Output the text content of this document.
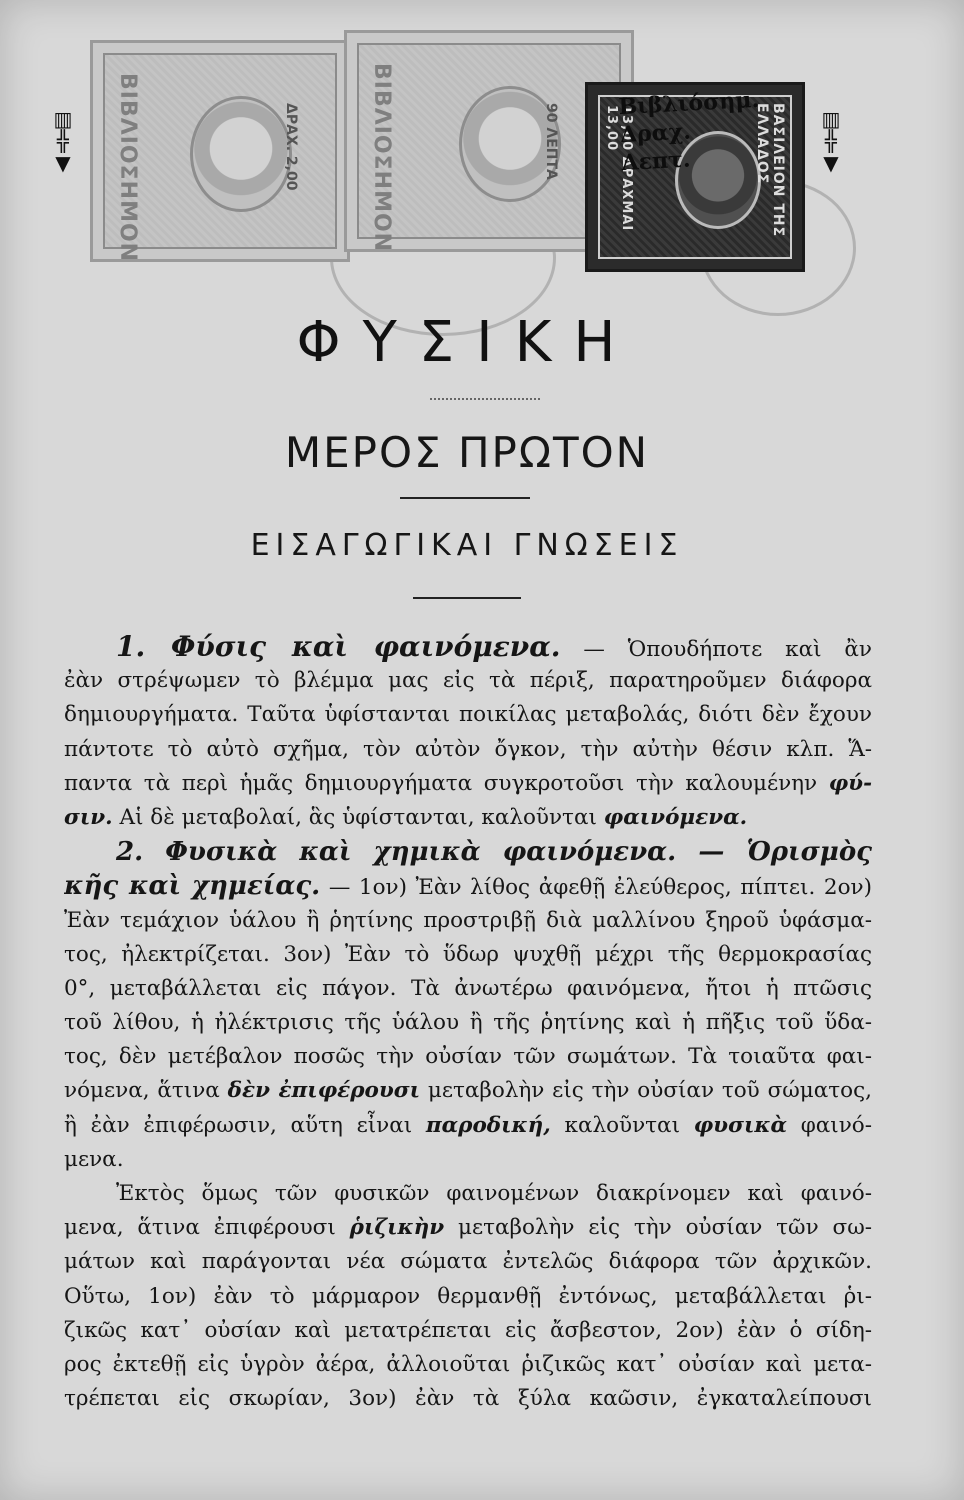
▥
╬
▼
▥
╬
▼
ΒΙΒΛΙΟΣΗΜΟΝ	ΔΡΑΧ. 2,00	ΒΙΒΛΙΟΣΗΜΟΝ	90 ΛΕΠΤΑ	ΒΑΣΙΛΕΙΟΝ ΤΗΣ ΕΛΛΑΔΟΣ
13,00 ΔΡΑΧΜΑΙ 13,00
Βιβλιόσημ.
Δραχ.
Λεπτ.
ΦΥΣΙΚΗ
ΜΕΡΟΣ ΠΡΩΤΟΝ
ΕΙΣΑΓΩΓΙΚΑΙ ΓΝΩΣΕΙΣ
1. Φύσις καὶ φαινόμενα. — Ὁπουδήποτε καὶ ἂν
ἐὰν στρέψωμεν τὸ βλέμμα μας εἰς τὰ πέριξ, παρατηροῦμεν διάφορα
δημιουργήματα. Ταῦτα ὑφίστανται ποικίλας μεταβολάς, διότι δὲν ἔχουν
πάντοτε τὸ αὐτὸ σχῆμα, τὸν αὐτὸν ὄγκον, τὴν αὐτὴν θέσιν κλπ. Ἅ-
παντα τὰ περὶ ἡμᾶς δημιουργήματα συγκροτοῦσι τὴν καλουμένην φύ-
σιν. Αἱ δὲ μεταβολαί, ἃς ὑφίστανται, καλοῦνται φαινόμενα.
2. Φυσικὰ καὶ χημικὰ φαινόμενα. — Ὁρισμὸς
κῆς καὶ χημείας. — 1ον) Ἐὰν λίθος ἀφεθῇ ἐλεύθερος, πίπτει. 2ον)
Ἐὰν τεμάχιον ὑάλου ἢ ῥητίνης προστριβῇ διὰ μαλλίνου ξηροῦ ὑφάσμα-
τος, ἠλεκτρίζεται. 3ον) Ἐὰν τὸ ὕδωρ ψυχθῇ μέχρι τῆς θερμοκρασίας
0°, μεταβάλλεται εἰς πάγον. Τὰ ἀνωτέρω φαινόμενα, ἤτοι ἡ πτῶσις
τοῦ λίθου, ἡ ἠλέκτρισις τῆς ὑάλου ἢ τῆς ῥητίνης καὶ ἡ πῆξις τοῦ ὕδα-
τος, δὲν μετέβαλον ποσῶς τὴν οὐσίαν τῶν σωμάτων. Τὰ τοιαῦτα φαι-
νόμενα, ἅτινα δὲν ἐπιφέρουσι μεταβολὴν εἰς τὴν οὐσίαν τοῦ σώματος,
ἢ ἐὰν ἐπιφέρωσιν, αὕτη εἶναι παροδική, καλοῦνται φυσικὰ φαινό-
μενα.
Ἐκτὸς ὅμως τῶν φυσικῶν φαινομένων διακρίνομεν καὶ φαινό-
μενα, ἅτινα ἐπιφέρουσι ῥιζικὴν μεταβολὴν εἰς τὴν οὐσίαν τῶν σω-
μάτων καὶ παράγονται νέα σώματα ἐντελῶς διάφορα τῶν ἀρχικῶν.
Οὕτω, 1ον) ἐὰν τὸ μάρμαρον θερμανθῇ ἐντόνως, μεταβάλλεται ῥι-
ζικῶς κατ᾿ οὐσίαν καὶ μετατρέπεται εἰς ἄσβεστον, 2ον) ἐὰν ὁ σίδη-
ρος ἐκτεθῇ εἰς ὑγρὸν ἀέρα, ἀλλοιοῦται ῥιζικῶς κατ᾿ οὐσίαν καὶ μετα-
τρέπεται εἰς σκωρίαν, 3ον) ἐὰν τὰ ξύλα καῶσιν, ἐγκαταλείπουσι
